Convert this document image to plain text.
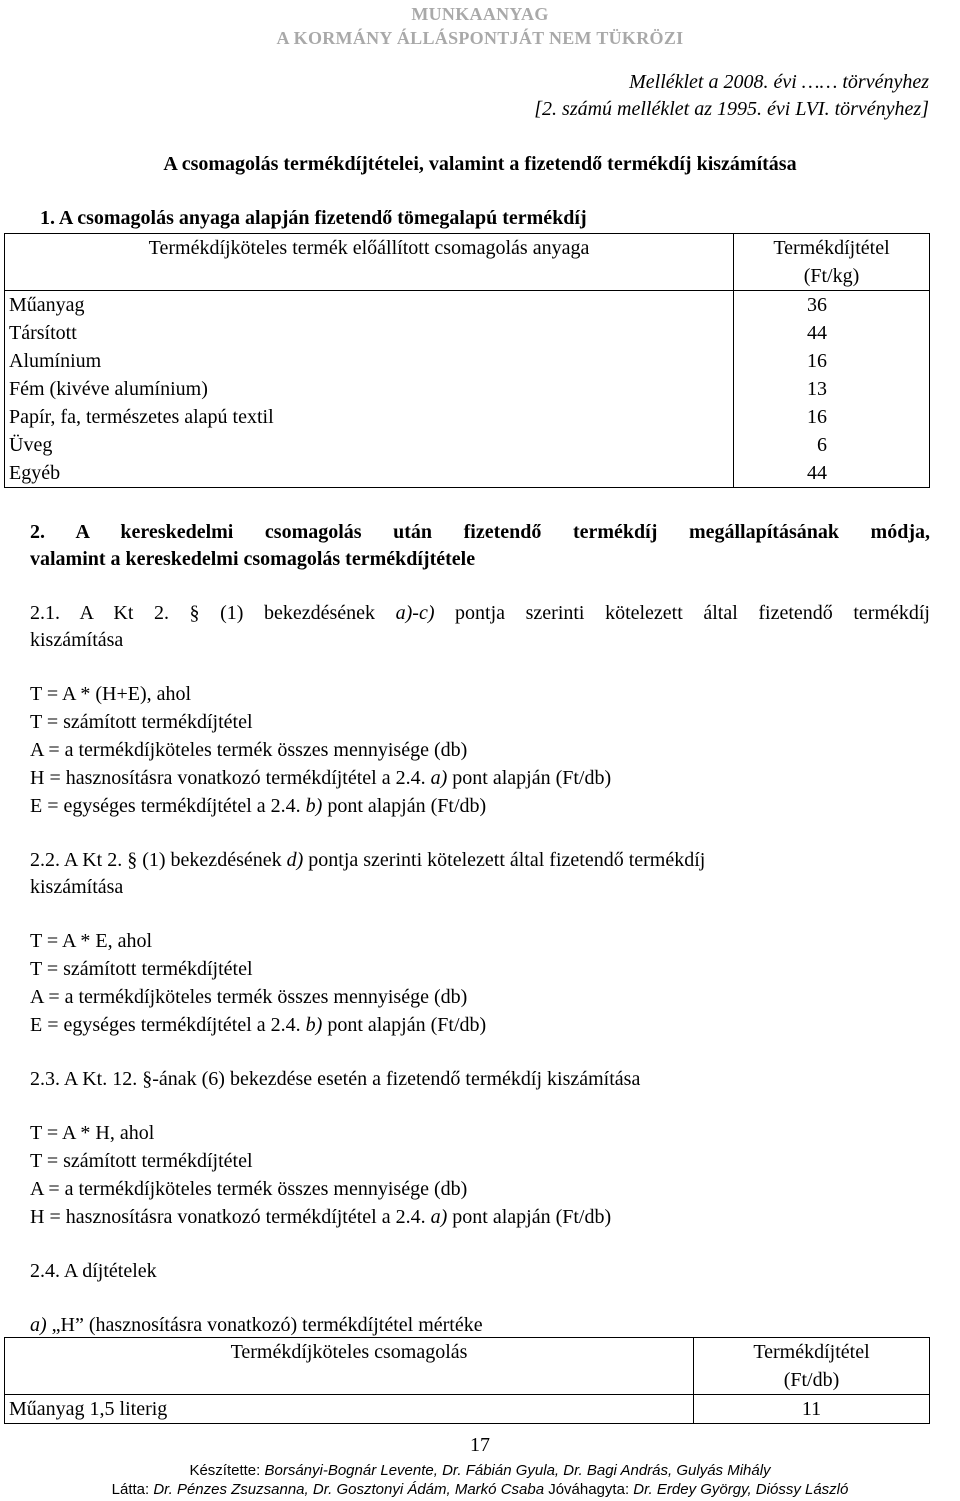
MUNKAANYAG
A KORMÁNY ÁLLÁSPONTJÁT NEM TÜKRÖZI
Melléklet a 2008. évi …… törvényhez
[2. számú melléklet az 1995. évi LVI. törvényhez]
A csomagolás termékdíjtételei, valamint a fizetendő termékdíj kiszámítása
1. A csomagolás anyaga alapján fizetendő tömegalapú termékdíj
Termékdíjköteles termék előállított csomagolás anyaga	Termékdíjtétel
(Ft/kg)

Műanyag	36
Társított	44
Alumínium	16
Fém (kivéve alumínium)	13
Papír, fa, természetes alapú textil	16
Üveg	6
Egyéb	44
2. A kereskedelmi csomagolás után fizetendő termékdíj megállapításának módja,
valamint a kereskedelmi csomagolás termékdíjtétele
2.1. A Kt 2. § (1) bekezdésének a)-c) pontja szerinti kötelezett által fizetendő termékdíj
kiszámítása
T = A * (H+E), ahol
T = számított termékdíjtétel
A = a termékdíjköteles termék összes mennyisége (db)
H = hasznosításra vonatkozó termékdíjtétel a 2.4. a) pont alapján (Ft/db)
E = egységes termékdíjtétel a 2.4. b) pont alapján (Ft/db)
2.2. A Kt 2. § (1) bekezdésének d) pontja szerinti kötelezett által fizetendő termékdíj
kiszámítása
T = A * E, ahol
T = számított termékdíjtétel
A = a termékdíjköteles termék összes mennyisége (db)
E = egységes termékdíjtétel a 2.4. b) pont alapján (Ft/db)
2.3. A Kt. 12. §-ának (6) bekezdése esetén a fizetendő termékdíj kiszámítása
T = A * H, ahol
T = számított termékdíjtétel
A = a termékdíjköteles termék összes mennyisége (db)
H = hasznosításra vonatkozó termékdíjtétel a 2.4. a) pont alapján (Ft/db)
2.4. A díjtételek
a) „H” (hasznosításra vonatkozó) termékdíjtétel mértéke
Termékdíjköteles csomagolás	Termékdíjtétel
(Ft/db)

Műanyag 1,5 literig	11
17
Készítette: Borsányi-Bognár Levente, Dr. Fábián Gyula, Dr. Bagi András, Gulyás Mihály
Látta: Dr. Pénzes Zsuzsanna, Dr. Gosztonyi Ádám, Markó Csaba Jóváhagyta: Dr. Erdey György, Dióssy László
